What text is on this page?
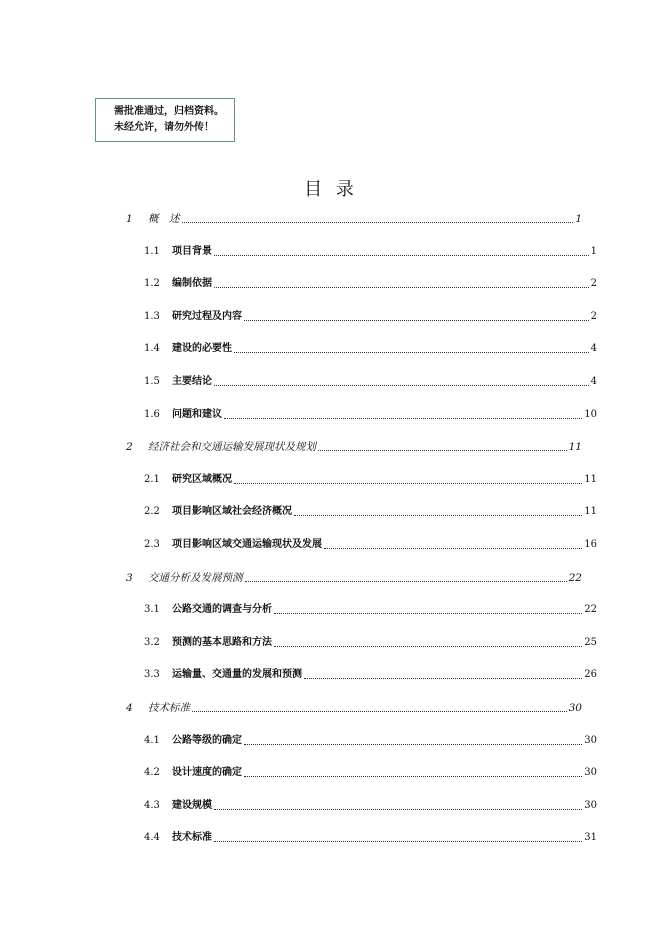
需批准通过，归档资料。
未经允许，请勿外传！
目 录
1	概　述	1
1.1	项目背景	1
1.2	编制依据	2
1.3	研究过程及内容	2
1.4	建设的必要性	4
1.5	主要结论	4
1.6	问题和建议	10
2	经济社会和交通运输发展现状及规划	11
2.1	研究区域概况	11
2.2	项目影响区域社会经济概况	11
2.3	项目影响区域交通运输现状及发展	16
3	交通分析及发展预测	22
3.1	公路交通的调查与分析	22
3.2	预测的基本思路和方法	25
3.3	运输量、交通量的发展和预测	26
4	技术标准	30
4.1	公路等级的确定	30
4.2	设计速度的确定	30
4.3	建设规模	30
4.4	技术标准	31
